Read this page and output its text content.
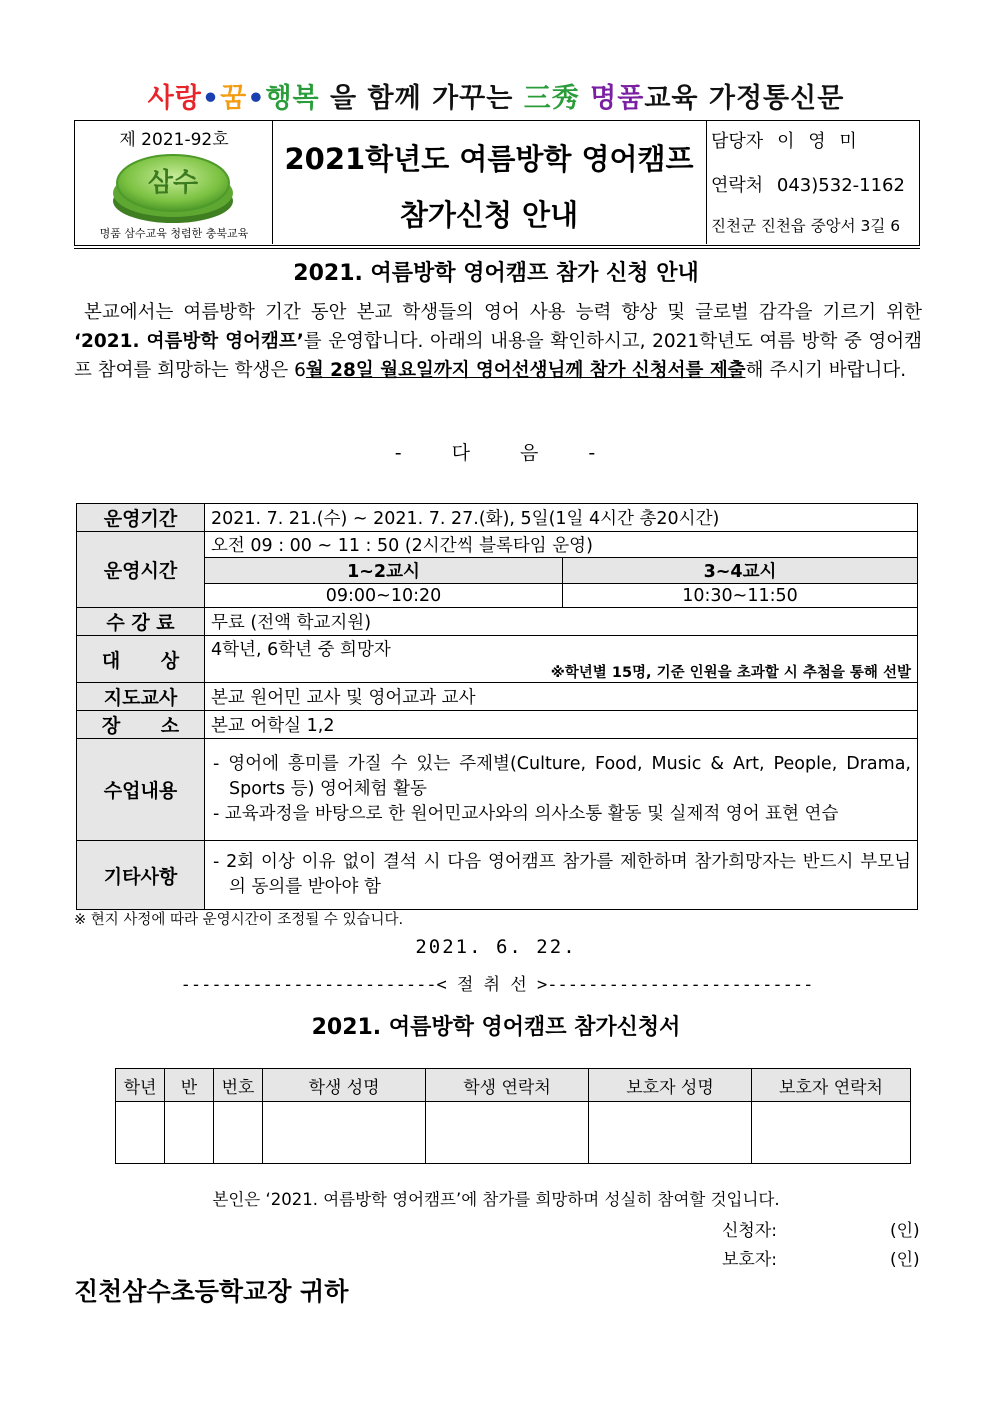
사랑•꿈•행복 을 함께 가꾸는 三秀 명품교육 가정통신문
제 2021-92호
삼수
명품 삼수교육 청렴한 충북교육
2021학년도 여름방학 영어캠프
참가신청 안내
담당자 이 영 미
연락처 043)532-1162
진천군 진천읍 중앙서 3길 6
2021. 여름방학 영어캠프 참가 신청 안내
본교에서는 여름방학 기간 동안 본교 학생들의 영어 사용 능력 향상 및 글로벌 감각을 기르기 위한 ‘2021. 여름방학 영어캠프’를 운영합니다. 아래의 내용을 확인하시고, 2021학년도 여름 방학 중 영어캠프 참여를 희망하는 학생은 6월 28일 월요일까지 영어선생님께 참가 신청서를 제출해 주시기 바랍니다.
- 다 음 -
운영기간	2021. 7. 21.(수) ~ 2021. 7. 27.(화), 5일(1일 4시간 총20시간)	
운영시간	오전 09 : 00 ~ 11 : 50 (2시간씩 블록타임 운영)	
	1~2교시	3~4교시
	09:00~10:20	10:30~11:50
수 강 료	무료 (전액 학교지원)	
대 상	4학년, 6학년 중 희망자
※학년별 15명, 기준 인원을 초과할 시 추첨을 통해 선발	

지도교사	본교 원어민 교사 및 영어교과 교사	
장 소	본교 어학실 1,2	
수업내용	- 영어에 흥미를 가질 수 있는 주제별(Culture, Food, Music & Art, People, Drama, Sports 등) 영어체험 활동
- 교육과정을 바탕으로 한 원어민교사와의 의사소통 활동 및 실제적 영어 표현 연습	

기타사항	- 2회 이상 이유 없이 결석 시 다음 영어캠프 참가를 제한하며 참가희망자는 반드시 부모님의 동의를 받아야 함	
※ 현지 사정에 따라 운영시간이 조정될 수 있습니다.
2021. 6. 22.
-------------------------< 절 취 선 >--------------------------
2021. 여름방학 영어캠프 참가신청서
학년	반	번호	학생 성명	학생 연락처	보호자 성명	보호자 연락처

본인은 ‘2021. 여름방학 영어캠프’에 참가를 희망하며 성실히 참여할 것입니다.
신청자:	(인)
보호자:	(인)
진천삼수초등학교장 귀하
